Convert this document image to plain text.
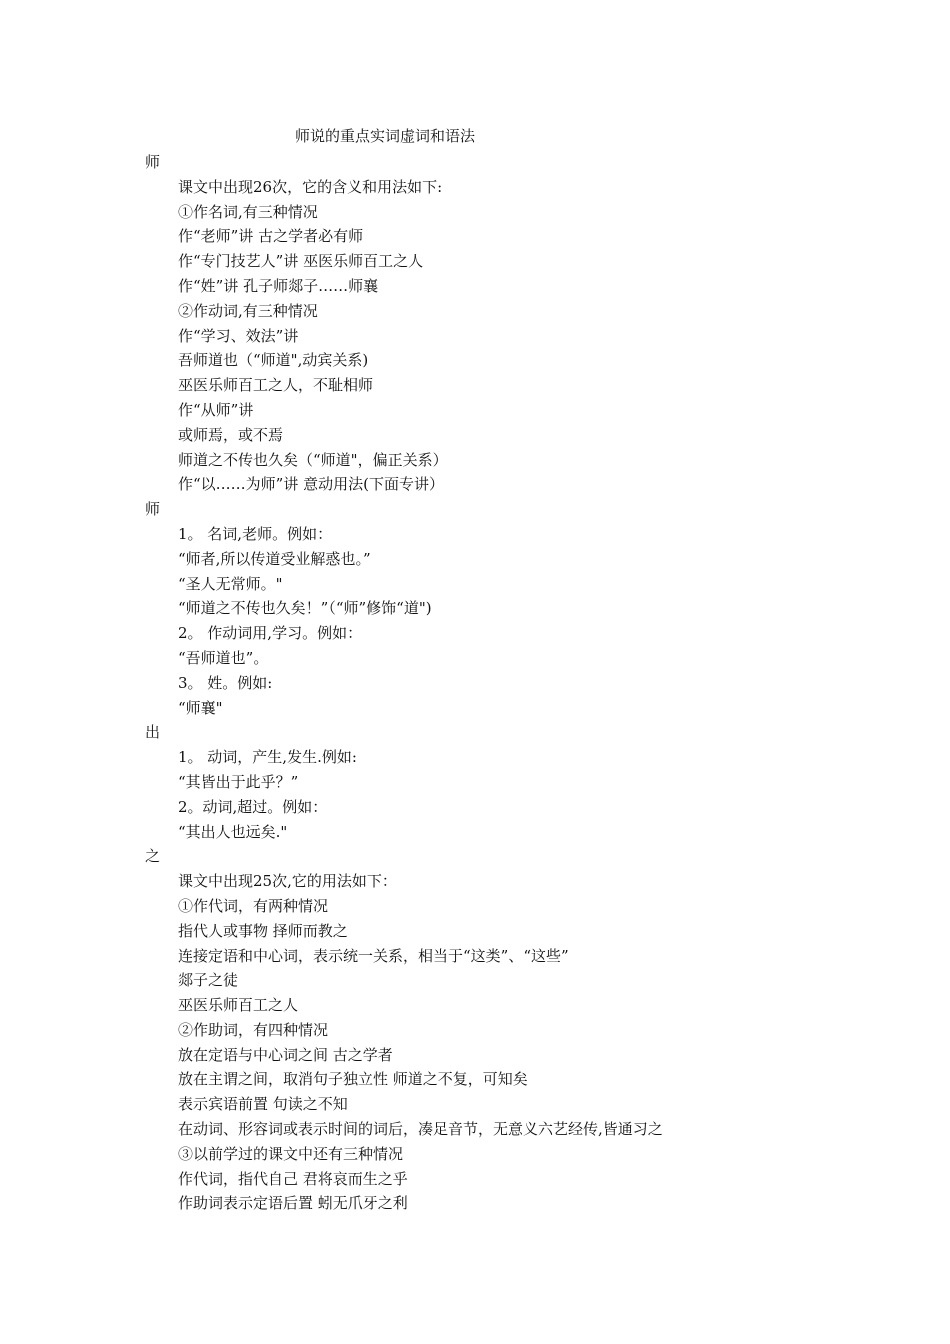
师说的重点实词虚词和语法
师
课文中出现26次，它的含义和用法如下:
①作名词,有三种情况
作“老师”讲 古之学者必有师
作“专门技艺人”讲 巫医乐师百工之人
作“姓”讲 孔子师郯子……师襄
②作动词,有三种情况
作“学习、效法”讲
吾师道也（“师道",动宾关系)
巫医乐师百工之人，不耻相师
作“从师”讲
或师焉，或不焉
师道之不传也久矣（“师道"，偏正关系）
作“以……为师”讲 意动用法(下面专讲）
师
1。 名词,老师。例如：
“师者,所以传道受业解惑也。”
“圣人无常师。"
“师道之不传也久矣！”（“师”修饰“道")
2。 作动词用,学习。例如：
“吾师道也”。
3。 姓。例如:
“师襄"
出
1。 动词，产生,发生.例如:
“其皆出于此乎？”
2。动词,超过。例如：
“其出人也远矣."
之
课文中出现25次,它的用法如下：
①作代词，有两种情况
指代人或事物 择师而教之
连接定语和中心词，表示统一关系，相当于“这类”、“这些”
郯子之徒
巫医乐师百工之人
②作助词，有四种情况
放在定语与中心词之间 古之学者
放在主谓之间，取消句子独立性 师道之不复，可知矣
表示宾语前置 句读之不知
在动词、形容词或表示时间的词后，凑足音节，无意义六艺经传,皆通习之
③以前学过的课文中还有三种情况
作代词，指代自己 君将哀而生之乎
作助词表示定语后置 蚓无爪牙之利
